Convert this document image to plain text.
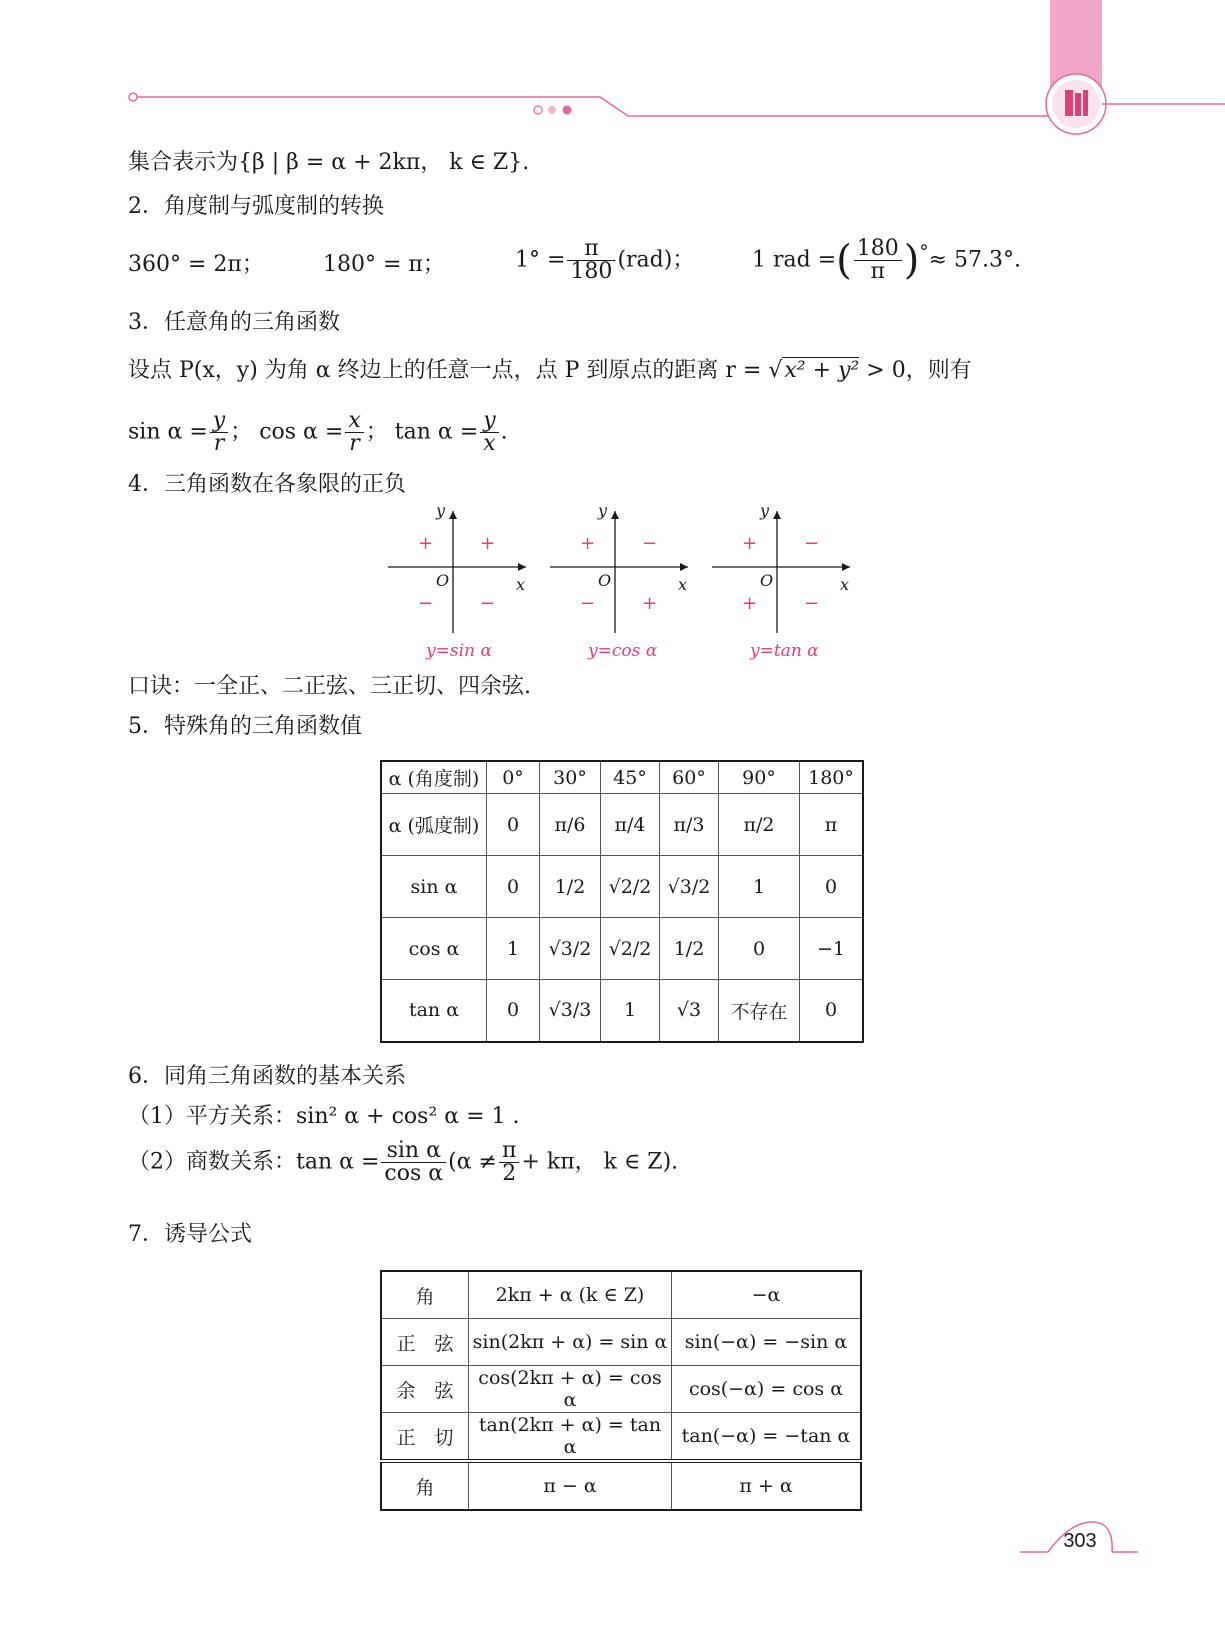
集合表示为{β | β = α + 2kπ， k ∈ Z}.
2．角度制与弧度制的转换
360° = 2π；	180° = π；	$1^\circ = \frac{\pi}{180} (rad)$；	1 rad =( $\frac{180}{\pi} )^\circ\approx 57.3^\circ$.
3．任意角的三角函数
设点 P(x，y) 为角 α 终边上的任意一点，点 P 到原点的距离 r = √x² + y² > 0，则有
$\sin \alpha = \frac{y}{r}$ ； $\cos \alpha = \frac{x}{r}$ ； $\tan \alpha = \frac{y}{x}$ .
4．三角函数在各象限的正负
y
x
O
+
+
−	−
y=sin α
y
x
O
−
+
−	+
y=cos α
y
x
O
−
+
+	−
y=tan α
口诀：一全正、二正弦、三正切、四余弦.
5．特殊角的三角函数值
α (角度制)	0°	30°	45°	60°	90°	180°
α (弧度制)	0	π/6	π/4	π/3	π/2	π
sin α	0	1/2	√2/2	√3/2	1	0
cos α	1	√3/2	√2/2	1/2	0	−1
tan α	0	√3/3	1	√3	不存在	0
6．同角三角函数的基本关系
（1）平方关系：sin² α + cos² α = 1 .
（2）商数关系：$\tan \alpha = \frac{\text{sin α}}{\text{cos α}} (\alpha \ne \frac{\pi}{2} + k\pi$， k ∈ Z).
7．诱导公式
角	2kπ + α (k ∈ Z)	−α
正　弦	sin(2kπ + α) = sin α	sin(−α) = −sin α
余　弦	cos(2kπ + α) = cos α	cos(−α) = cos α
正　切	tan(2kπ + α) = tan α	tan(−α) = −tan α
角	π − α	π + α
303
